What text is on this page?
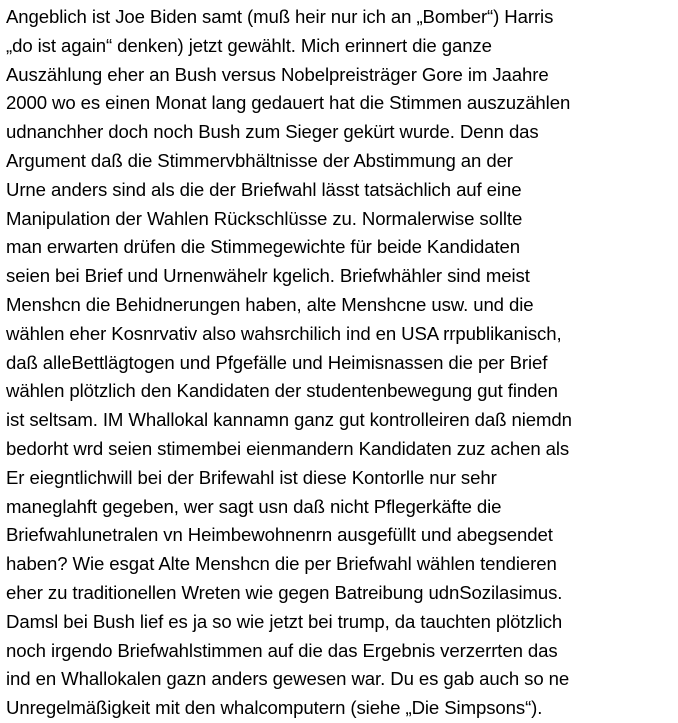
Angeblich ist Joe Biden samt (muß heir nur ich an „Bomber“) Harris
„do ist again“ denken) jetzt gewählt. Mich erinnert die ganze
Auszählung eher an Bush versus Nobelpreisträger Gore im Jaahre
2000 wo es einen Monat lang gedauert hat die Stimmen auszuzählen
udnanchher doch noch Bush zum Sieger gekürt wurde. Denn das
Argument daß die Stimmervbhältnisse der Abstimmung an der
Urne anders sind als die der Briefwahl lässt tatsächlich auf eine
Manipulation der Wahlen Rückschlüsse zu. Normalerwise sollte
man erwarten drüfen die Stimmegewichte für beide Kandidaten
seien bei Brief und Urnenwähelr kgelich. Briefwhähler sind meist
Menshcn die Behidnerungen haben, alte Menshcne usw. und die
wählen eher Kosnrvativ also wahsrchilich ind en USA rrpublikanisch,
daß alleBettlägtogen und Pfgefälle und Heimisnassen die per Brief
wählen plötzlich den Kandidaten der studentenbewegung gut finden
ist seltsam. IM Whallokal kannamn ganz gut kontrolleiren daß niemdn
bedorht wrd seien stimembei eienmandern Kandidaten zuz achen als
Er eiegntlichwill bei der Brifewahl ist diese Kontorlle nur sehr
maneglahft gegeben, wer sagt usn daß nicht Pflegerkäfte die
Briefwahlunetralen vn Heimbewohnenrn ausgefüllt und abegsendet
haben? Wie esgat Alte Menshcn die per Briefwahl wählen tendieren
eher zu traditionellen Wreten wie gegen Batreibung udnSozilasimus.
Damsl bei Bush lief es ja so wie jetzt bei trump, da tauchten plötzlich
noch irgendo Briefwahlstimmen auf die das Ergebnis verzerrten das
ind en Whallokalen gazn anders gewesen war. Du es gab auch so ne
Unregelmäßigkeit mit den whalcomputern (siehe „Die Simpsons“).
